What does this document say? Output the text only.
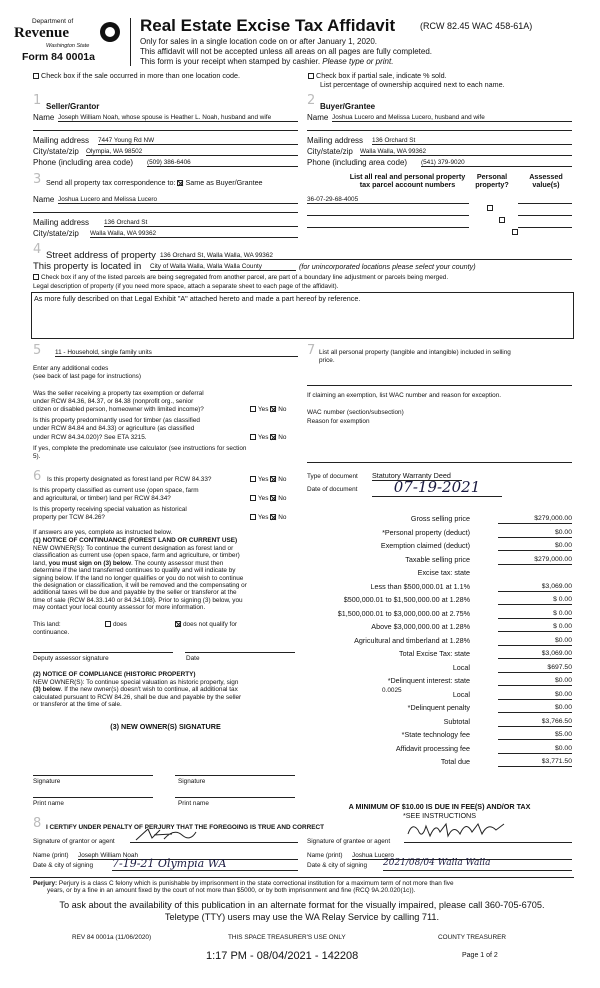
Department of
Revenue
Washington State
Form 84 0001a
Real Estate Excise Tax Affidavit	(RCW 82.45 WAC 458-61A)
Only for sales in a single location code on or after January 1, 2020.
This affidavit will not be accepted unless all areas on all pages are fully completed.
This form is your receipt when stamped by cashier. Please type or print.
Check box if the sale occurred in more than one location code.	Check box if partial sale, indicate % sold.
List percentage of ownership acquired next to each name.
1 Seller/Grantor
Name Joseph William Noah, whose spouse is Heather L. Noah, husband and wife
2 Buyer/Grantee
Name Joshua Lucero and Melissa Lucero, husband and wife
Mailing address 7447 Young Rd NW
City/state/zip Olympia, WA 98502
Phone (including area code) (509) 386-6406
Mailing address 136 Orchard St
City/state/zip Walla Walla, WA 99362
Phone (including area code) (541) 379-9020
3 Send all property tax correspondence to: Same as Buyer/Grantee
Name Joshua Lucero and Melissa Lucero
Mailing address 136 Orchard St
City/state/zip Walla Walla, WA 99362
List all real and personal property tax parcel account numbers
Personal property?
Assessed value(s)
36-07-29-68-4005

4 Street address of property 136 Orchard St, Walla Walla, WA 99362
This property is located in City of Walla Walla, Walla Walla County	(for unincorporated locations please select your county)
Check box if any of the listed parcels are being segregated from another parcel, are part of a boundary line adjustment or parcels being merged.
Legal description of property (if you need more space, attach a separate sheet to each page of the affidavit).
As more fully described on that Legal Exhibit "A" attached hereto and made a part hereof by reference.
5 11 - Household, single family units
Enter any additional codes
(see back of last page for instructions)
Was the seller receiving a property tax exemption or deferral
under RCW 84.36, 84.37, or 84.38 (nonprofit org., senior
citizen or disabled person, homeowner with limited income)?	Yes No
Is this property predominantly used for timber (as classified
under RCW 84.84 and 84.33) or agriculture (as classified
under RCW 84.34.020)? See ETA 3215.	Yes No
If yes, complete the predominate use calculator (see instructions for section
5).
7 List all personal property (tangible and intangible) included in selling
price.
If claiming an exemption, list WAC number and reason for exception.
WAC number (section/subsection)
Reason for exemption
6 Is this property designated as forest land per RCW 84.33?	Yes No
Is this property classified as current use (open space, farm
and agricultural, or timber) land per RCW 84.34?	Yes No
Is this property receiving special valuation as historical
property per TCW 84.26?	Yes No
If answers are yes, complete as instructed below.
(1) NOTICE OF CONTINUANCE (FOREST LAND OR CURRENT USE)
NEW OWNER(S): To continue the current designation as forest land or
classification as current use (open space, farm and agriculture, or timber)
land, you must sign on (3) below. The county assessor must then
determine if the land transferred continues to qualify and will indicate by
signing below. If the land no longer qualifies or you do not wish to continue
the designation or classification, it will be removed and the compensating or
additional taxes will be due and payable by the seller or transferor at the
time of sale (RCW 84.33.140 or 84.34.108). Prior to signing (3) below, you
may contact your local county assessor for more information.
This land:	does	does not qualify for
continuance.
Deputy assessor signature	Date
(2) NOTICE OF COMPLIANCE (HISTORIC PROPERTY)
NEW OWNER(S): To continue special valuation as historic property, sign
(3) below. If the new owner(s) doesn't wish to continue, all additional tax
calculated pursuant to RCW 84.26, shall be due and payable by the seller
or transferor at the time of sale.
(3) NEW OWNER(S) SIGNATURE
Signature	Signature
Print name	Print name
Type of document Statutory Warranty Deed
Date of document	07-19-2021
Gross selling price	$279,000.00
*Personal property (deduct)	$0.00
Exemption claimed (deduct)	$0.00
Taxable selling price	$279,000.00
Excise tax: state
Less than $500,000.01 at 1.1%	$3,069.00
$500,000.01 to $1,500,000.00 at 1.28%	$ 0.00
$1,500,000.01 to $3,000,000.00 at 2.75%	$ 0.00
Above $3,000,000.00 at 1.28%	$ 0.00
Agricultural and timberland at 1.28%	$0.00
Total Excise Tax: state	$3,069.00
Local	$697.50
*Delinquent interest: state	$0.00
Local	$0.00
*Delinquent penalty	$0.00
Subtotal	$3,766.50
*State technology fee	$5.00
Affidavit processing fee	$0.00
Total due	$3,771.50
0.0025
A MINIMUM OF $10.00 IS DUE IN FEE(S) AND/OR TAX
*SEE INSTRUCTIONS
8 I CERTIFY UNDER PENALTY OF PERJURY THAT THE FOREGOING IS TRUE AND CORRECT
Signature of grantor or agent	Signature of grantee or agent
Name (print) Joseph William Noah	Name (print) Joshua Lucero
Date & city of signing 7-19-21 Olympia WA	Date & city of signing 2021/08/04 Walla Walla
Perjury: Perjury is a class C felony which is punishable by imprisonment in the state correctional institution for a maximum term of not more than five
years, or by a fine in an amount fixed by the court of not more than $5000, or by both imprisonment and fine (RCQ 9A.20.020(1c)).
To ask about the availability of this publication in an alternate format for the visually impaired, please call 360-705-6705.
Teletype (TTY) users may use the WA Relay Service by calling 711.
REV 84 0001a (11/06/2020)	THIS SPACE TREASURER'S USE ONLY	COUNTY TREASURER
1:17 PM - 08/04/2021 - 142208	Page 1 of 2
